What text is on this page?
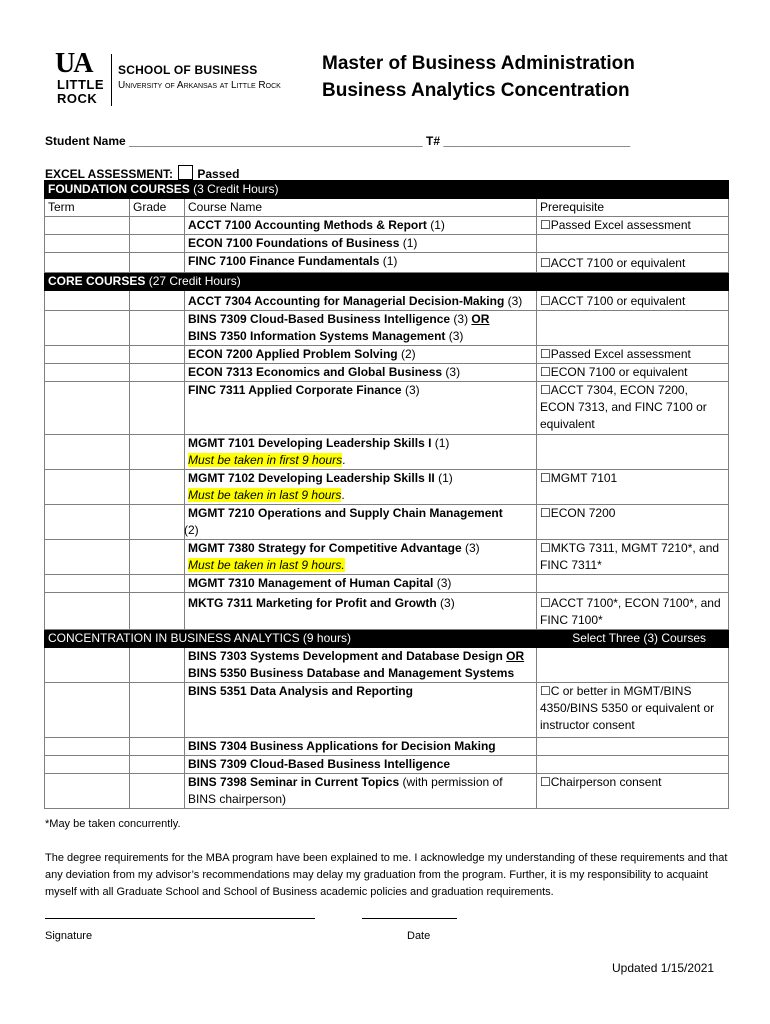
UA
LITTLE
ROCK
SCHOOL OF BUSINESS
University of Arkansas at Little Rock
Master of Business Administration
Business Analytics Concentration
Student Name ____________________________________________ T# ____________________________
EXCEL ASSESSMENT: Passed
FOUNDATION COURSES (3 Credit Hours)			
Term	Grade	Course Name	Prerequisite
		ACCT 7100 Accounting Methods & Report (1)	☐Passed Excel assessment
		ECON 7100 Foundations of Business (1)	
		FINC 7100 Finance Fundamentals (1)	☐ACCT 7100 or equivalent
CORE COURSES (27 Credit Hours)			
		ACCT 7304 Accounting for Managerial Decision-Making (3)	☐ACCT 7100 or equivalent
		BINS 7309 Cloud-Based Business Intelligence (3) OR
BINS 7350 Information Systems Management (3)	
		ECON 7200 Applied Problem Solving (2)	☐Passed Excel assessment
		ECON 7313 Economics and Global Business (3)	☐ECON 7100 or equivalent
		FINC 7311 Applied Corporate Finance (3)	☐ACCT 7304, ECON 7200, ECON 7313, and FINC 7100 or equivalent
		MGMT 7101 Developing Leadership Skills I (1)
Must be taken in first 9 hours.	
		MGMT 7102 Developing Leadership Skills II (1)
Must be taken in last 9 hours.	☐MGMT 7101
		MGMT 7210 Operations and Supply Chain Management
(2)	☐ECON 7200
		MGMT 7380 Strategy for Competitive Advantage (3)
Must be taken in last 9 hours.	☐MKTG 7311, MGMT 7210*, and FINC 7311*
		MGMT 7310 Management of Human Capital (3)	
		MKTG 7311 Marketing for Profit and Growth (3)	☐ACCT 7100*, ECON 7100*, and FINC 7100*
CONCENTRATION IN BUSINESS ANALYTICS (9 hours)			Select Three (3) Courses
		BINS 7303 Systems Development and Database Design OR
BINS 5350 Business Database and Management Systems	
		BINS 5351 Data Analysis and Reporting	☐C or better in MGMT/BINS 4350/BINS 5350 or equivalent or instructor consent
		BINS 7304 Business Applications for Decision Making	
		BINS 7309 Cloud-Based Business Intelligence	
		BINS 7398 Seminar in Current Topics (with permission of BINS chairperson)	☐Chairperson consent
*May be taken concurrently.
The degree requirements for the MBA program have been explained to me. I acknowledge my understanding of these requirements and that any deviation from my advisor’s recommendations may delay my graduation from the program. Further, it is my responsibility to acquaint myself with all Graduate School and School of Business academic policies and graduation requirements.
Signature	Date
Updated 1/15/2021
